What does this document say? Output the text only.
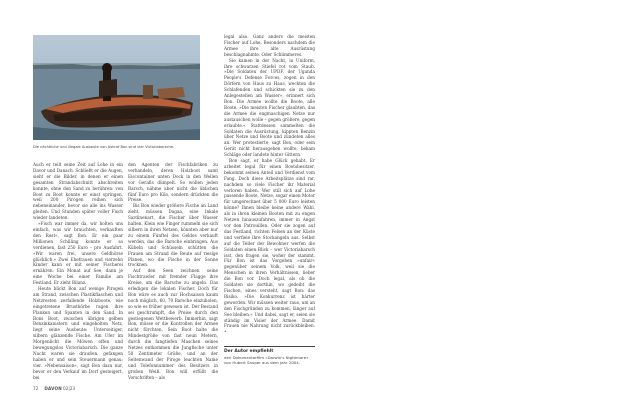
Die nächtliche und illegale Ausbeute von Ashraf Bon sind vier Victoriabarsche.

Auch er teilt seine Zeit auf Lohe in ein Davor und Danach. Schließt er die Augen, sieht er die Bilder, in denen er einen gesamten Strandabschnitt abschreiten konnte, ohne den Sand zu berühren: von Boot zu Boot konnte er einst springen, weil 200 Pirogen reihen sich nebeneinander, bevor sie alle ins Wasser gleiten. Und Stunden später voller Fisch wieder landeten.

»Fisch war immer da, wir holten uns einfach, was wir brauchten, verkauften den Rest«, sagt Bon. Er ein paar Millionen Schilling konnte er so verdienen, fast 250 Euro – pro Ausfahrt. »Wir waren frei, unsere Geldbörse glücklich.« Zwei Ehefrauen und vierzehn Kinder kann er mit seiner Fischerei ernähren. Ein Monat auf See, dann je eine Woche bei einer Familie am Festland. Er zieht Bilanz.

Heute blickt Bon auf wenige Pirogen am Strand, zwischen Plastikflaschen und Netzresten zerfallende Holzboote, wie eingetretene Brustkörbe ragen ihre Planken und Spanten in den Sand. In Bons Boot, zwischen übrigen gelben Benzinkanistern und eingeholten Netz, liegt seine Ausbeute: Unterseitiger, silbern glänzende Fische. Am Ufer im Morgenlicht die Möwen offen und bewegungslos Victoriabarsch. Die ganze Nacht waren sie draußen, gefangen haben er und sein Steuermann genau: vier. »Nebensaison«, sagt Bon dazu nur, bevor er den Verkauf im Dorf gesteigert, bei

den Agenten der Fischfabriken zu verhandeln, deren Holzboot samt Eiscontainer unten Dock in den Wellen vor Gerafis dümpelt. So wollen jeden Barsch, nähme aber nicht die üblichen fünf Euro pro Kilo, sondern drückten die Preise.

Bis Bon wieder größere Fische an Land zieht, müssen Dagaa, eine Inkale Sardinenart, die Fischer über Wasser halten. Klein wie Finger rummeln sie sich silbern in ihren Netzen, könnten aber nur zu einem Fünftel des Geldes verkauft werden, das die Barsche einbringen. Aus Kübeln und Schüsseln schütten die Frauen am Strand die Beute auf riesige Planen, wo die Fische in der Sonne trocknen.

Auf den Seen zeichnen seine Fischtrawler mit fremder Flagge ihre Kreise, um die Barsche zu angeln. Das erledigen die lokalen Fischer. Doch für Bon wäre es auch zur Hochsaison kaum noch möglich, 60, 70 Barsche einzuholen, so wie es früher gewesen ist. Der Bestand sei geschrumpft, die Preise durch den gestiegenen Wettbewerb. Immerhin, sagt Bon, müsse er die Kontrollen der Armee nicht fürchten. Sein Boot halte die Mindestgröße von fast neun Metern, durch die fangtiefen Maschen seines Netzes entkommen die Jungfische unter 50 Zentimeter Größe, und an der Seitenwand der Piroge leuchten Name und Telefonnummer des Besitzers in großen Weiß. Bon will erfüllt die Vorschriften – als

legal also. Ganz anders die meisten Fischer auf Lohe. Besonders nachdem die Armee ihre alte Ausrüstung beschlagnahmte. Oder Schlimmeres.

Sie kamen in der Nacht, in Uniform, ihre schwarzen Stiefel rot vom Staub. »Die Soldaten der UPDF, der Uganda People's Defense Forces, zogen in den Dörfern von Haus zu Haus, weckten die Schlafenden und schickten sie zu den Anlegestellen am Wasser«, erinnert sich Bon. Die Armee wollte die Boote, alle Boote. »Die meisten Fischer glaubten, das die Armee die engmaschigen Netze nur austauschen wolle – gegen größere, gegen erlaubte.« Stattdessen sammelten die Soldaten die Ausrüstung, kippten Benzin über Netze und Boote und zündeten alles an. Wer protestierte, sagt Bon, oder sein Gerät nicht herausgeben wollte, bekam Schläge oder landete hinter Gittern.

Bon sagt, er habe Glück gehabt. Er arbeitet legal für einen Bootsbesitzer, bekommt seinen Anteil und Verdienst vom Fang. Doch diese Arbeitsplätze sind rar, nachdem so viele Fischer ihr Material verloren haben. Wer still sich auf Lohe passende Boote, Netze, sogar einen Motor für umgerechnet über 5 000 Euro leisten könne? Ihnen bleibe keine andere Wahl, als in ihren kleinen Booten mit zu engen Netzen hinauszufahren, immer in Angst vor den Patrouillen. Oder sie zogen auf das Festland, richten Felsen an der Küste und verfiele ihre Stockangeln aus. Selbst auf die Teller der Bewohner werfen die Soldaten einen Blick – wer Victoriabarsch isst, den fragen sie, woher der stammt. Für Bon ist das Vorgehen »unfair« gegenüber seinem Volk, weil sie die Menschen in ihren Verhältnissen, lieber die Bon vor. Doch legal, als ob die Soldaten sie dorthin, wo gedeiht die Fischen, eines versteht, sagt Bon: das Risiko. »Die Konkurrenz ist härter geworden. Wir müssen weiter raus, um an den Fischgründen zu kommen, länger auf See bleiben.« Und dabei, sagt er, seien sie ständig im Visier der Armee. Damit Frauen nie Nahrung nicht zurückbleiben. •

Der Autor empfiehlt
den Dokumentarfilm »Darwin's Nightmare« von Hubert Sauper aus dem Jahr 2004.
72 DAVON02|23
